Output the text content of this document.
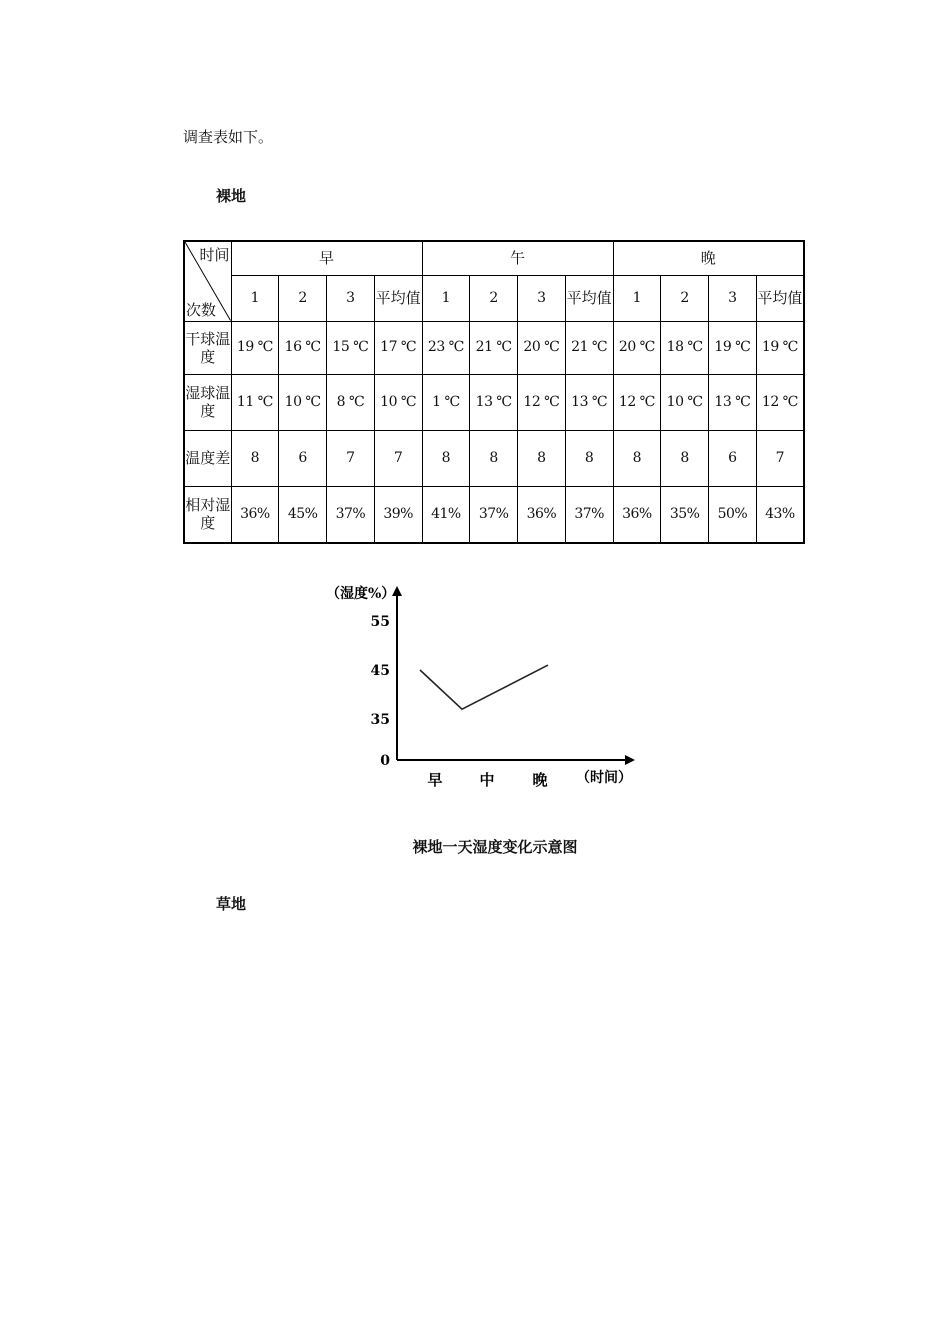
调查表如下。
裸地
时间
次数	早				午				晚			
	1	2	3	平均值	1	2	3	平均值	1	2	3	平均值
干球温度	19 ℃	16 ℃	15 ℃	17 ℃	23 ℃	21 ℃	20 ℃	21 ℃	20 ℃	18 ℃	19 ℃	19 ℃
湿球温度	11 ℃	10 ℃	8 ℃	10 ℃	1 ℃	13 ℃	12 ℃	13 ℃	12 ℃	10 ℃	13 ℃	12 ℃
温度差	8	6	7	7	8	8	8	8	8	8	6	7
相对湿度	36%	45%	37%	39%	41%	37%	36%	37%	36%	35%	50%	43%
（湿度%）
（时间）
55
45
35
0
早 中	晚
裸地一天湿度变化示意图
草地
